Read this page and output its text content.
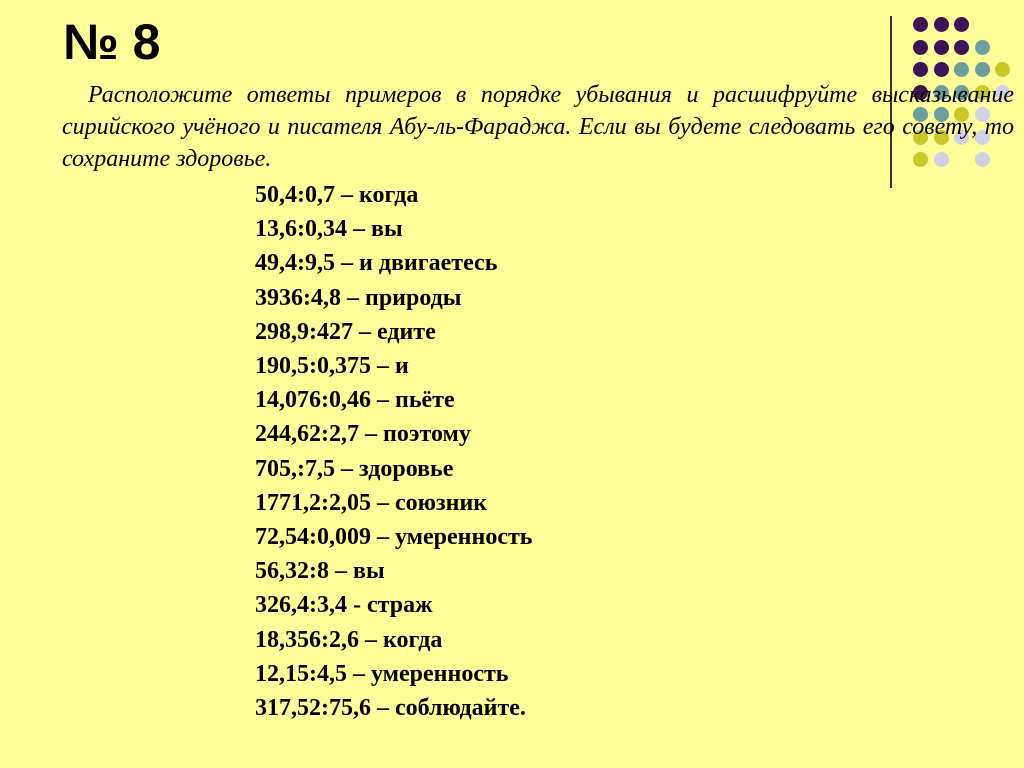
№ 8

Расположите ответы примеров в порядке убывания и расшифруйте высказывание сирийского учёного и писателя Абу-ль-Фараджа. Если вы будете следовать его совету, то сохраните здоровье.

50,4:0,7 – когда
13,6:0,34 – вы
49,4:9,5 – и двигаетесь
3936:4,8 – природы
298,9:427 – едите
190,5:0,375 – и
14,076:0,46 – пьёте
244,62:2,7 – поэтому
705,:7,5 – здоровье
1771,2:2,05 – союзник
72,54:0,009 – умеренность
56,32:8 – вы
326,4:3,4 - страж
18,356:2,6 – когда
12,15:4,5 – умеренность
317,52:75,6 – соблюдайте.
